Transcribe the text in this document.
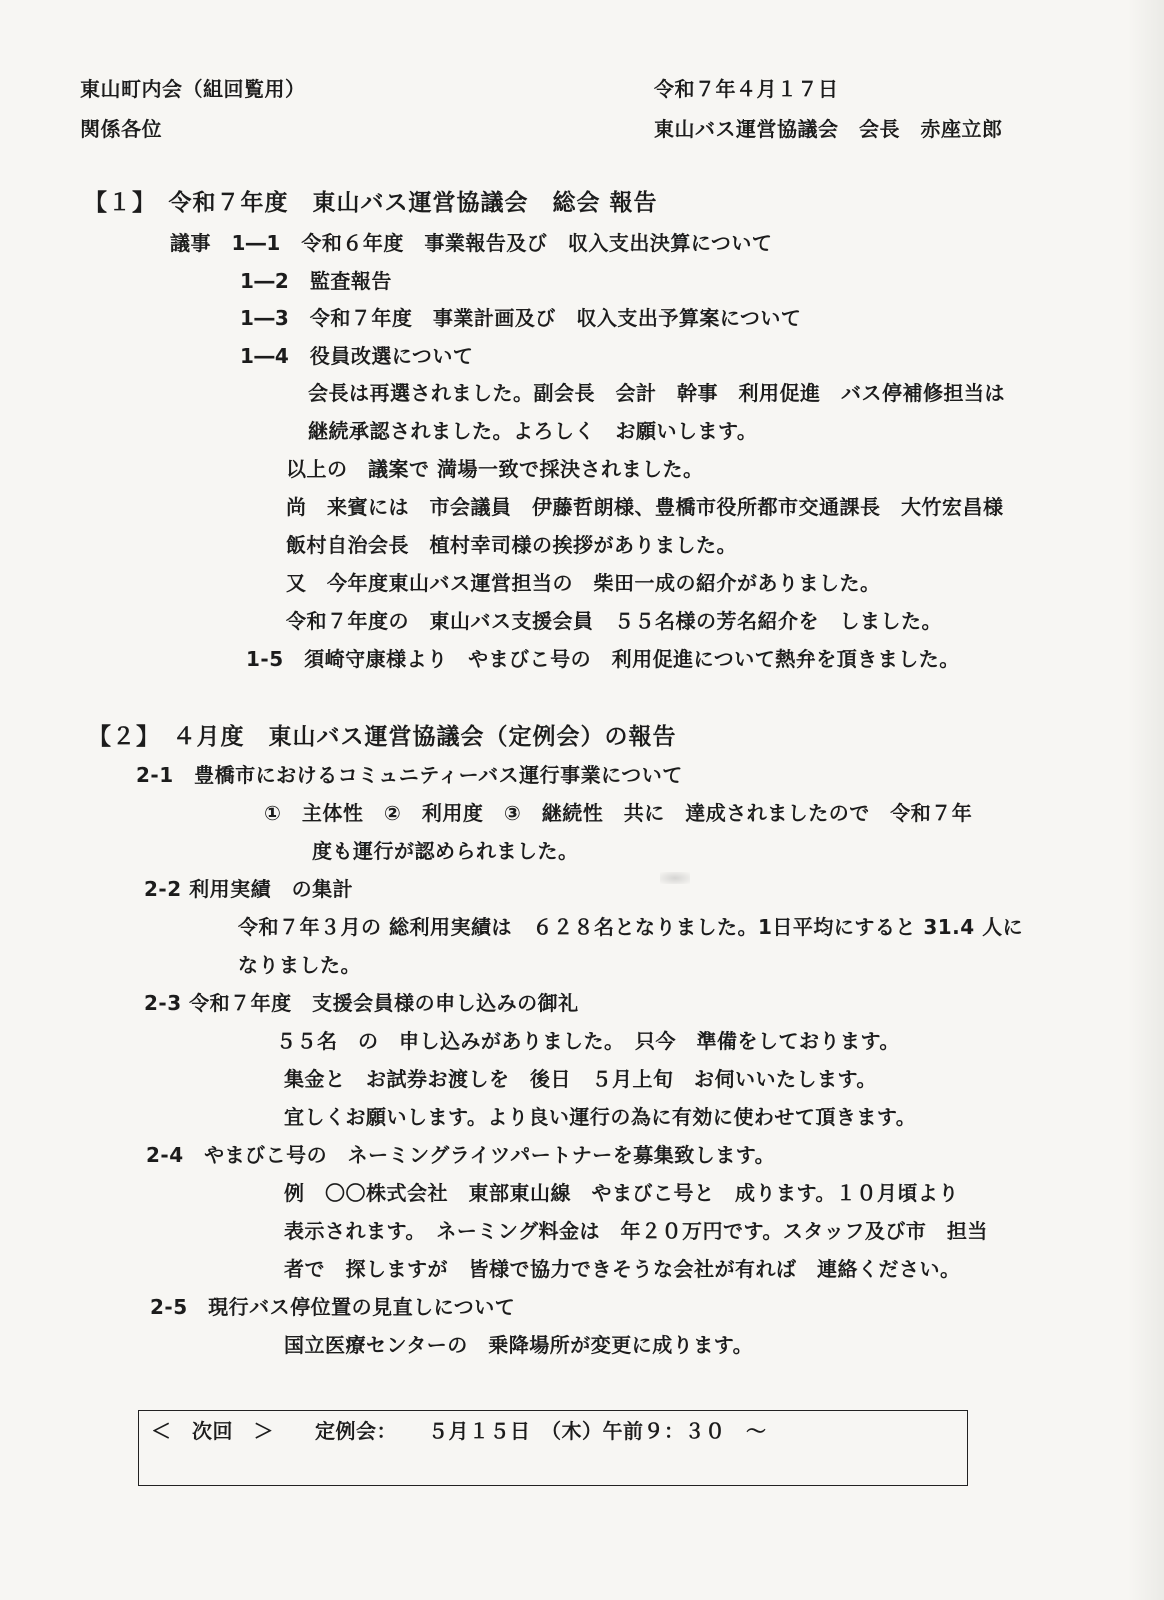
東山町内会（組回覧用）
関係各位
令和７年４月１７日
東山バス運営協議会　会長　赤座立郎
【１】　令和７年度　東山バス運営協議会　総会 報告
議事　1―1　令和６年度　事業報告及び　収入支出決算について
1―2　監査報告
1―3　令和７年度　事業計画及び　収入支出予算案について
1―4　役員改選について
会長は再選されました。副会長　会計　幹事　利用促進　バス停補修担当は
継続承認されました。よろしく　お願いします。
以上の　議案で 満場一致で採決されました。
尚　来賓には　市会議員　伊藤哲朗様、豊橋市役所都市交通課長　大竹宏昌様
飯村自治会長　植村幸司様の挨拶がありました。
又　今年度東山バス運営担当の　柴田一成の紹介がありました。
令和７年度の　東山バス支援会員　５５名様の芳名紹介を　しました。
1-5　須崎守康様より　やまびこ号の　利用促進について熱弁を頂きました。
【２】　４月度　東山バス運営協議会（定例会）の報告
2-1　豊橋市におけるコミュニティーバス運行事業について
①　主体性　②　利用度　③　継続性　共に　達成されましたので　令和７年
度も運行が認められました。
2-2 利用実績　の集計
令和７年３月の 総利用実績は　６２８名となりました。1日平均にすると 31.4 人に
なりました。
2-3 令和７年度　支援会員様の申し込みの御礼
５５名　の　申し込みがありました。　只今　準備をしております。
集金と　お試券お渡しを　後日　５月上旬　お伺いいたします。
宜しくお願いします。より良い運行の為に有効に使わせて頂きます。
2-4　やまびこ号の　ネーミングライツパートナーを募集致します。
例　〇〇株式会社　東部東山線　やまびこ号と　成ります。１０月頃より
表示されます。　ネーミング料金は　年２０万円です。スタッフ及び市　担当
者で　探しますが　皆様で協力できそうな会社が有れば　連絡ください。
2-5　現行バス停位置の見直しについて
国立医療センターの　乗降場所が変更に成ります。
＜　次回　＞　　定例会：　　５月１５日　（木）午前９：３０　～
